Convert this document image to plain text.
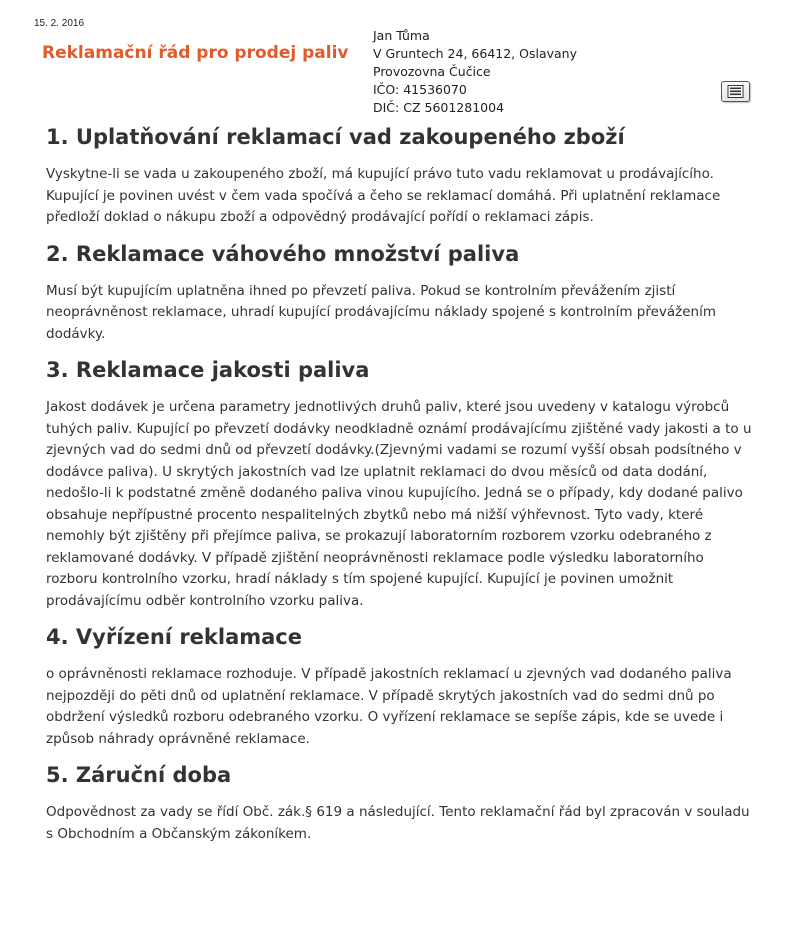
15. 2. 2016
Reklamační řád pro prodej paliv
Jan Tůma
V Gruntech 24, 66412, Oslavany
Provozovna Čučice
IČO: 41536070
DIČ: CZ 5601281004
1. Uplatňování reklamací vad zakoupeného zboží

Vyskytne-li se vada u zakoupeného zboží, má kupující právo tuto vadu reklamovat u prodávajícího. Kupující je povinen uvést v čem vada spočívá a čeho se reklamací domáhá. Při uplatnění reklamace předloží doklad o nákupu zboží a odpovědný prodávající pořídí o reklamaci zápis.

2. Reklamace váhového množství paliva

Musí být kupujícím uplatněna ihned po převzetí paliva. Pokud se kontrolním převážením zjistí neoprávněnost reklamace, uhradí kupující prodávajícímu náklady spojené s kontrolním převážením dodávky.

3. Reklamace jakosti paliva

Jakost dodávek je určena parametry jednotlivých druhů paliv, které jsou uvedeny v katalogu výrobců tuhých paliv. Kupující po převzetí dodávky neodkladně oznámí prodávajícímu zjištěné vady jakosti a to u zjevných vad do sedmi dnů od převzetí dodávky.(Zjevnými vadami se rozumí vyšší obsah podsítného v dodávce paliva). U skrytých jakostních vad lze uplatnit reklamaci do dvou měsíců od data dodání, nedošlo-li k podstatné změně dodaného paliva vinou kupujícího. Jedná se o případy, kdy dodané palivo obsahuje nepřípustné procento nespalitelných zbytků nebo má nižší výhřevnost. Tyto vady, které nemohly být zjištěny při přejímce paliva, se prokazují laboratorním rozborem vzorku odebraného z reklamované dodávky. V případě zjištění neoprávněnosti reklamace podle výsledku laboratorního rozboru kontrolního vzorku, hradí náklady s tím spojené kupující. Kupující je povinen umožnit prodávajícímu odběr kontrolního vzorku paliva.

4. Vyřízení reklamace

o oprávněnosti reklamace rozhoduje. V případě jakostních reklamací u zjevných vad dodaného paliva nejpozději do pěti dnů od uplatnění reklamace. V případě skrytých jakostních vad do sedmi dnů po obdržení výsledků rozboru odebraného vzorku. O vyřízení reklamace se sepíše zápis, kde se uvede i způsob náhrady oprávněné reklamace.

5. Záruční doba

Odpovědnost za vady se řídí Obč. zák.§ 619 a následující. Tento reklamační řád byl zpracován v souladu s Obchodním a Občanským zákoníkem.
